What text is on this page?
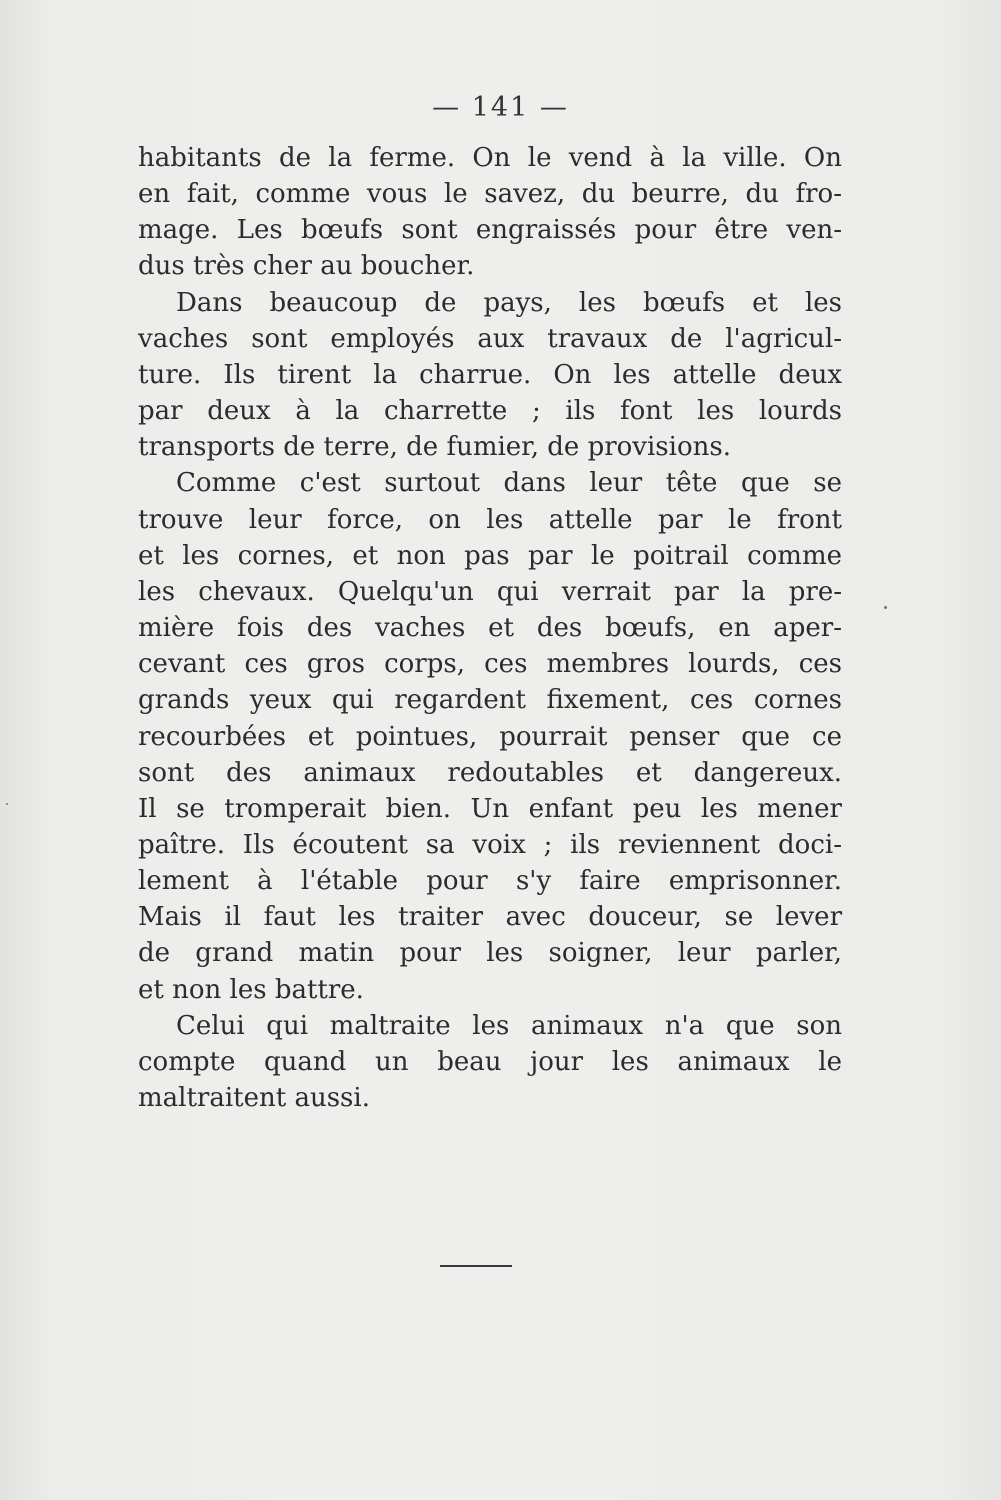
— 141 —

habitants de la ferme. On le vend à la ville. On
en fait, comme vous le savez, du beurre, du fro-
mage. Les bœufs sont engraissés pour être ven-
dus très cher au boucher.

Dans beaucoup de pays, les bœufs et les
vaches sont employés aux travaux de l'agricul-
ture. Ils tirent la charrue. On les attelle deux
par deux à la charrette ; ils font les lourds
transports de terre, de fumier, de provisions.

Comme c'est surtout dans leur tête que se
trouve leur force, on les attelle par le front
et les cornes, et non pas par le poitrail comme
les chevaux. Quelqu'un qui verrait par la pre-
mière fois des vaches et des bœufs, en aper-
cevant ces gros corps, ces membres lourds, ces
grands yeux qui regardent fixement, ces cornes
recourbées et pointues, pourrait penser que ce
sont des animaux redoutables et dangereux.
Il se tromperait bien. Un enfant peu les mener
paître. Ils écoutent sa voix ; ils reviennent doci-
lement à l'étable pour s'y faire emprisonner.
Mais il faut les traiter avec douceur, se lever
de grand matin pour les soigner, leur parler,
et non les battre.

Celui qui maltraite les animaux n'a que son
compte quand un beau jour les animaux le
maltraitent aussi.
